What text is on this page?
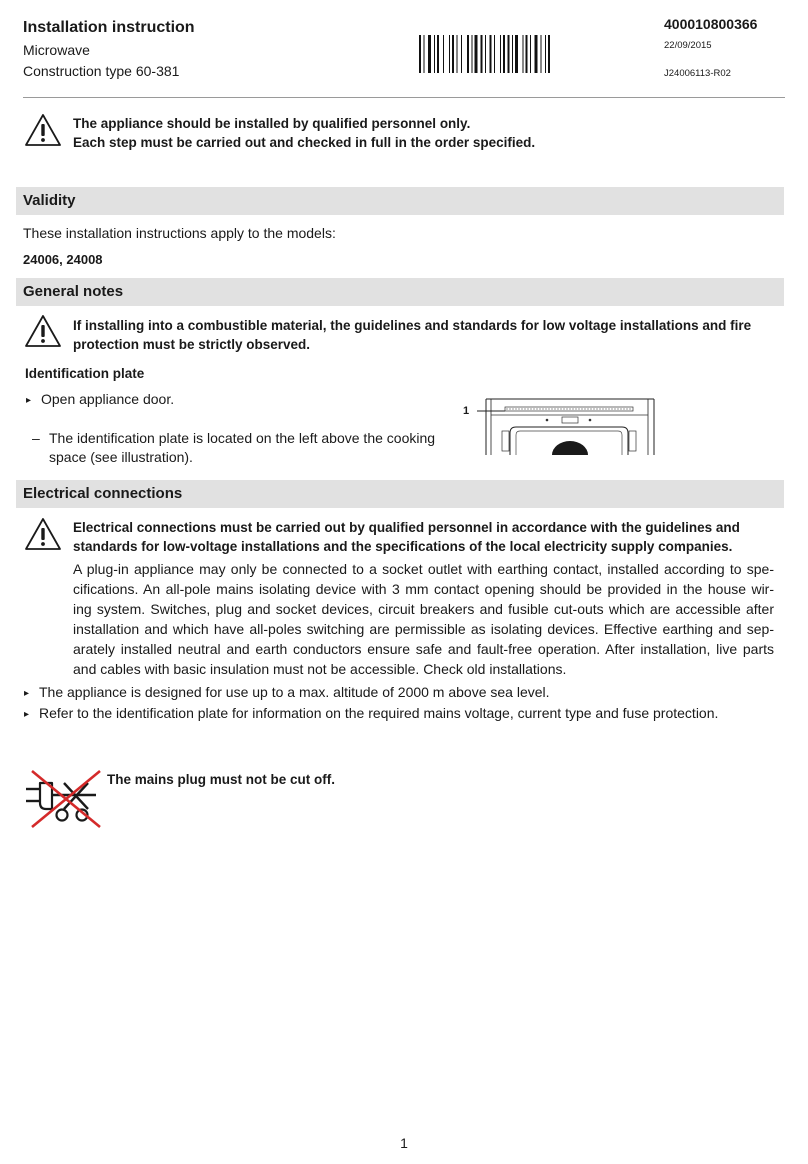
Installation instruction
Microwave
Construction type 60-381
400010800366
22/09/2015
J24006113-R02
The appliance should be installed by qualified personnel only.
Each step must be carried out and checked in full in the order specified.
Validity
These installation instructions apply to the models:
24006, 24008
General notes
If installing into a combustible material, the guidelines and standards for low voltage installations and fire
protection must be strictly observed.
Identification plate
▸ Open appliance door.
– The identification plate is located on the left above the cooking
space (see illustration).
1
Electrical connections
Electrical connections must be carried out by qualified personnel in accordance with the guidelines and
standards for low-voltage installations and the specifications of the local electricity supply companies.
A plug-in appliance may only be connected to a socket outlet with earthing contact, installed according to spe-
cifications. An all-pole mains isolating device with 3 mm contact opening should be provided in the house wir-
ing system. Switches, plug and socket devices, circuit breakers and fusible cut-outs which are accessible after
installation and which have all-poles switching are permissible as isolating devices. Effective earthing and sep-
arately installed neutral and earth conductors ensure safe and fault-free operation. After installation, live parts
and cables with basic insulation must not be accessible. Check old installations.
▸ The appliance is designed for use up to a max. altitude of 2000 m above sea level.
▸ Refer to the identification plate for information on the required mains voltage, current type and fuse protection.
The mains plug must not be cut off.
1
